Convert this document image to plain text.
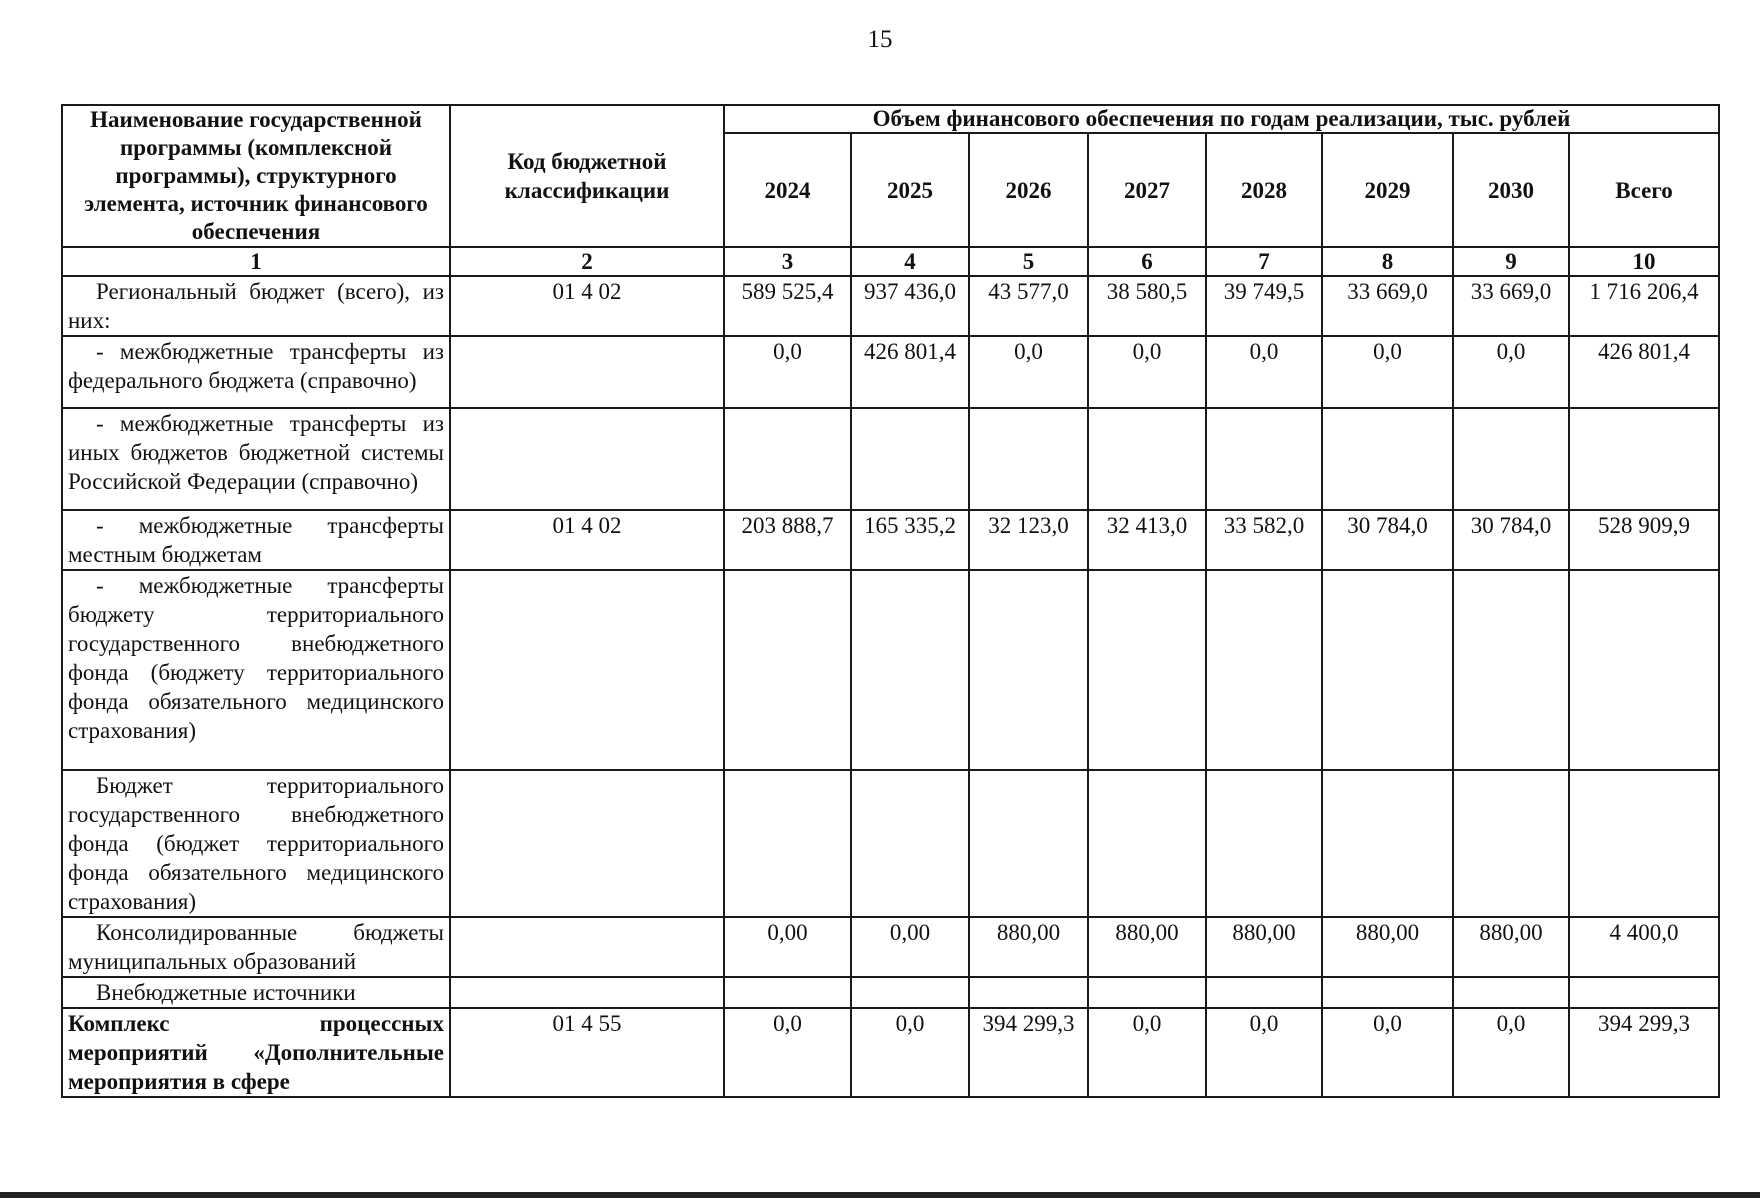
15
Наименование государственной программы (комплексной программы), структурного элемента, источник финансового обеспечения	Код бюджетной классификации	Объем финансового обеспечения по годам реализации, тыс. рублей							
		2024	2025	2026	2027	2028	2029	2030	Всего
1	2	3	4	5	6	7	8	9	10
Региональный бюджет (всего), из них:	01 4 02	589 525,4	937 436,0	43 577,0	38 580,5	39 749,5	33 669,0	33 669,0	1 716 206,4
- межбюджетные трансферты из федерального бюджета (справочно)		0,0	426 801,4	0,0	0,0	0,0	0,0	0,0	426 801,4
- межбюджетные трансферты из иных бюджетов бюджетной системы Российской Федерации (справочно)									
- межбюджетные трансферты местным бюджетам	01 4 02	203 888,7	165 335,2	32 123,0	32 413,0	33 582,0	30 784,0	30 784,0	528 909,9
- межбюджетные трансферты бюджету территориального государственного внебюджетного фонда (бюджету территориального фонда обязательного медицинского страхования)									
Бюджет территориального государственного внебюджетного фонда (бюджет территориального фонда обязательного медицинского страхования)									
Консолидированные бюджеты муниципальных образований		0,00	0,00	880,00	880,00	880,00	880,00	880,00	4 400,0
Внебюджетные источники									
Комплекс процессных мероприятий «Дополнительные мероприятия в сфере	01 4 55	0,0	0,0	394 299,3	0,0	0,0	0,0	0,0	394 299,3
